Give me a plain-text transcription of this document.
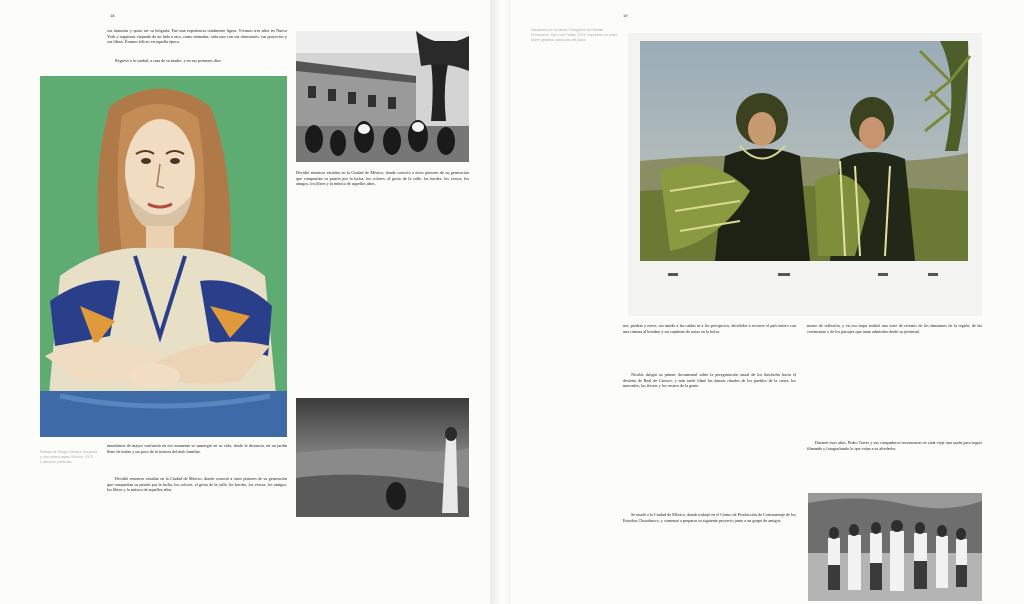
18
sus fantasías y quiso ser su biógrafa. Fue una experiencia totalmente ligera. Vivimos tres años en Nueva York y seguimos viajando de un lado a otro, como nómadas, cada uno con sus obsesiones, sus proyectos y sus libros. Éramos felices en aquella época.
Regresó a la ciudad, a casa de su madre, y en sus primeros días
Decidió entonces estudiar en la Ciudad de México, donde conoció a otros pintores de su generación que compartían su pasión por la lucha, los colores, el gesto de la calle, los bordes, los versos, los amigos, los libros y la música de aquellos años.
inmediatos de mayor confusión en ese momento se sumergió en su vida, desde la distancia, en un jardín lleno de nubes y un poco de la tristeza del nido familiar.
Decidió entonces estudiar en la Ciudad de México, donde conoció a otros pintores de su generación que compartían su pasión por la lucha, los colores, el gesto de la calle, los bordes, los versos, los amigos, los libros y la música de aquellos años.
Retrato de Sergio Herrera. Acuarela y óleo sobre papel, México, 1973. Colección particular.
19
Danzantes en la sierra. Fotografía de Nicolás Echevarría, San Luis Potosí, 1974. Impresión en plata sobre gelatina, colección del autor.
nes, piedras y nieve, sin miedo a las caídas ni a los precipicios, decididos a recorrer el país entero con una cámara al hombro y un cuaderno de notas en la bolsa.
Nicolás dirigió su primer documental sobre la peregrinación anual de los huicholes hacia el desierto de Real de Catorce, y más tarde filmó las danzas rituales de los pueblos de la sierra, los mercados, las fiestas y los rostros de la gente.
Se mudó a la Ciudad de México, donde trabajó en el Centro de Producción de Cortometraje de los Estudios Churubusco, y comenzó a preparar su siguiente proyecto junto a un grupo de amigos.
mento de reflexión, y en esa etapa realizó una serie de retratos de los danzantes de la región, de las ceremonias y de los paisajes que tanto admiraba desde su juventud.
Durante esos años, Pedro Torres y sus compañeros encontraron en cada viaje una razón para seguir filmando y fotografiando lo que veían a su alrededor.
